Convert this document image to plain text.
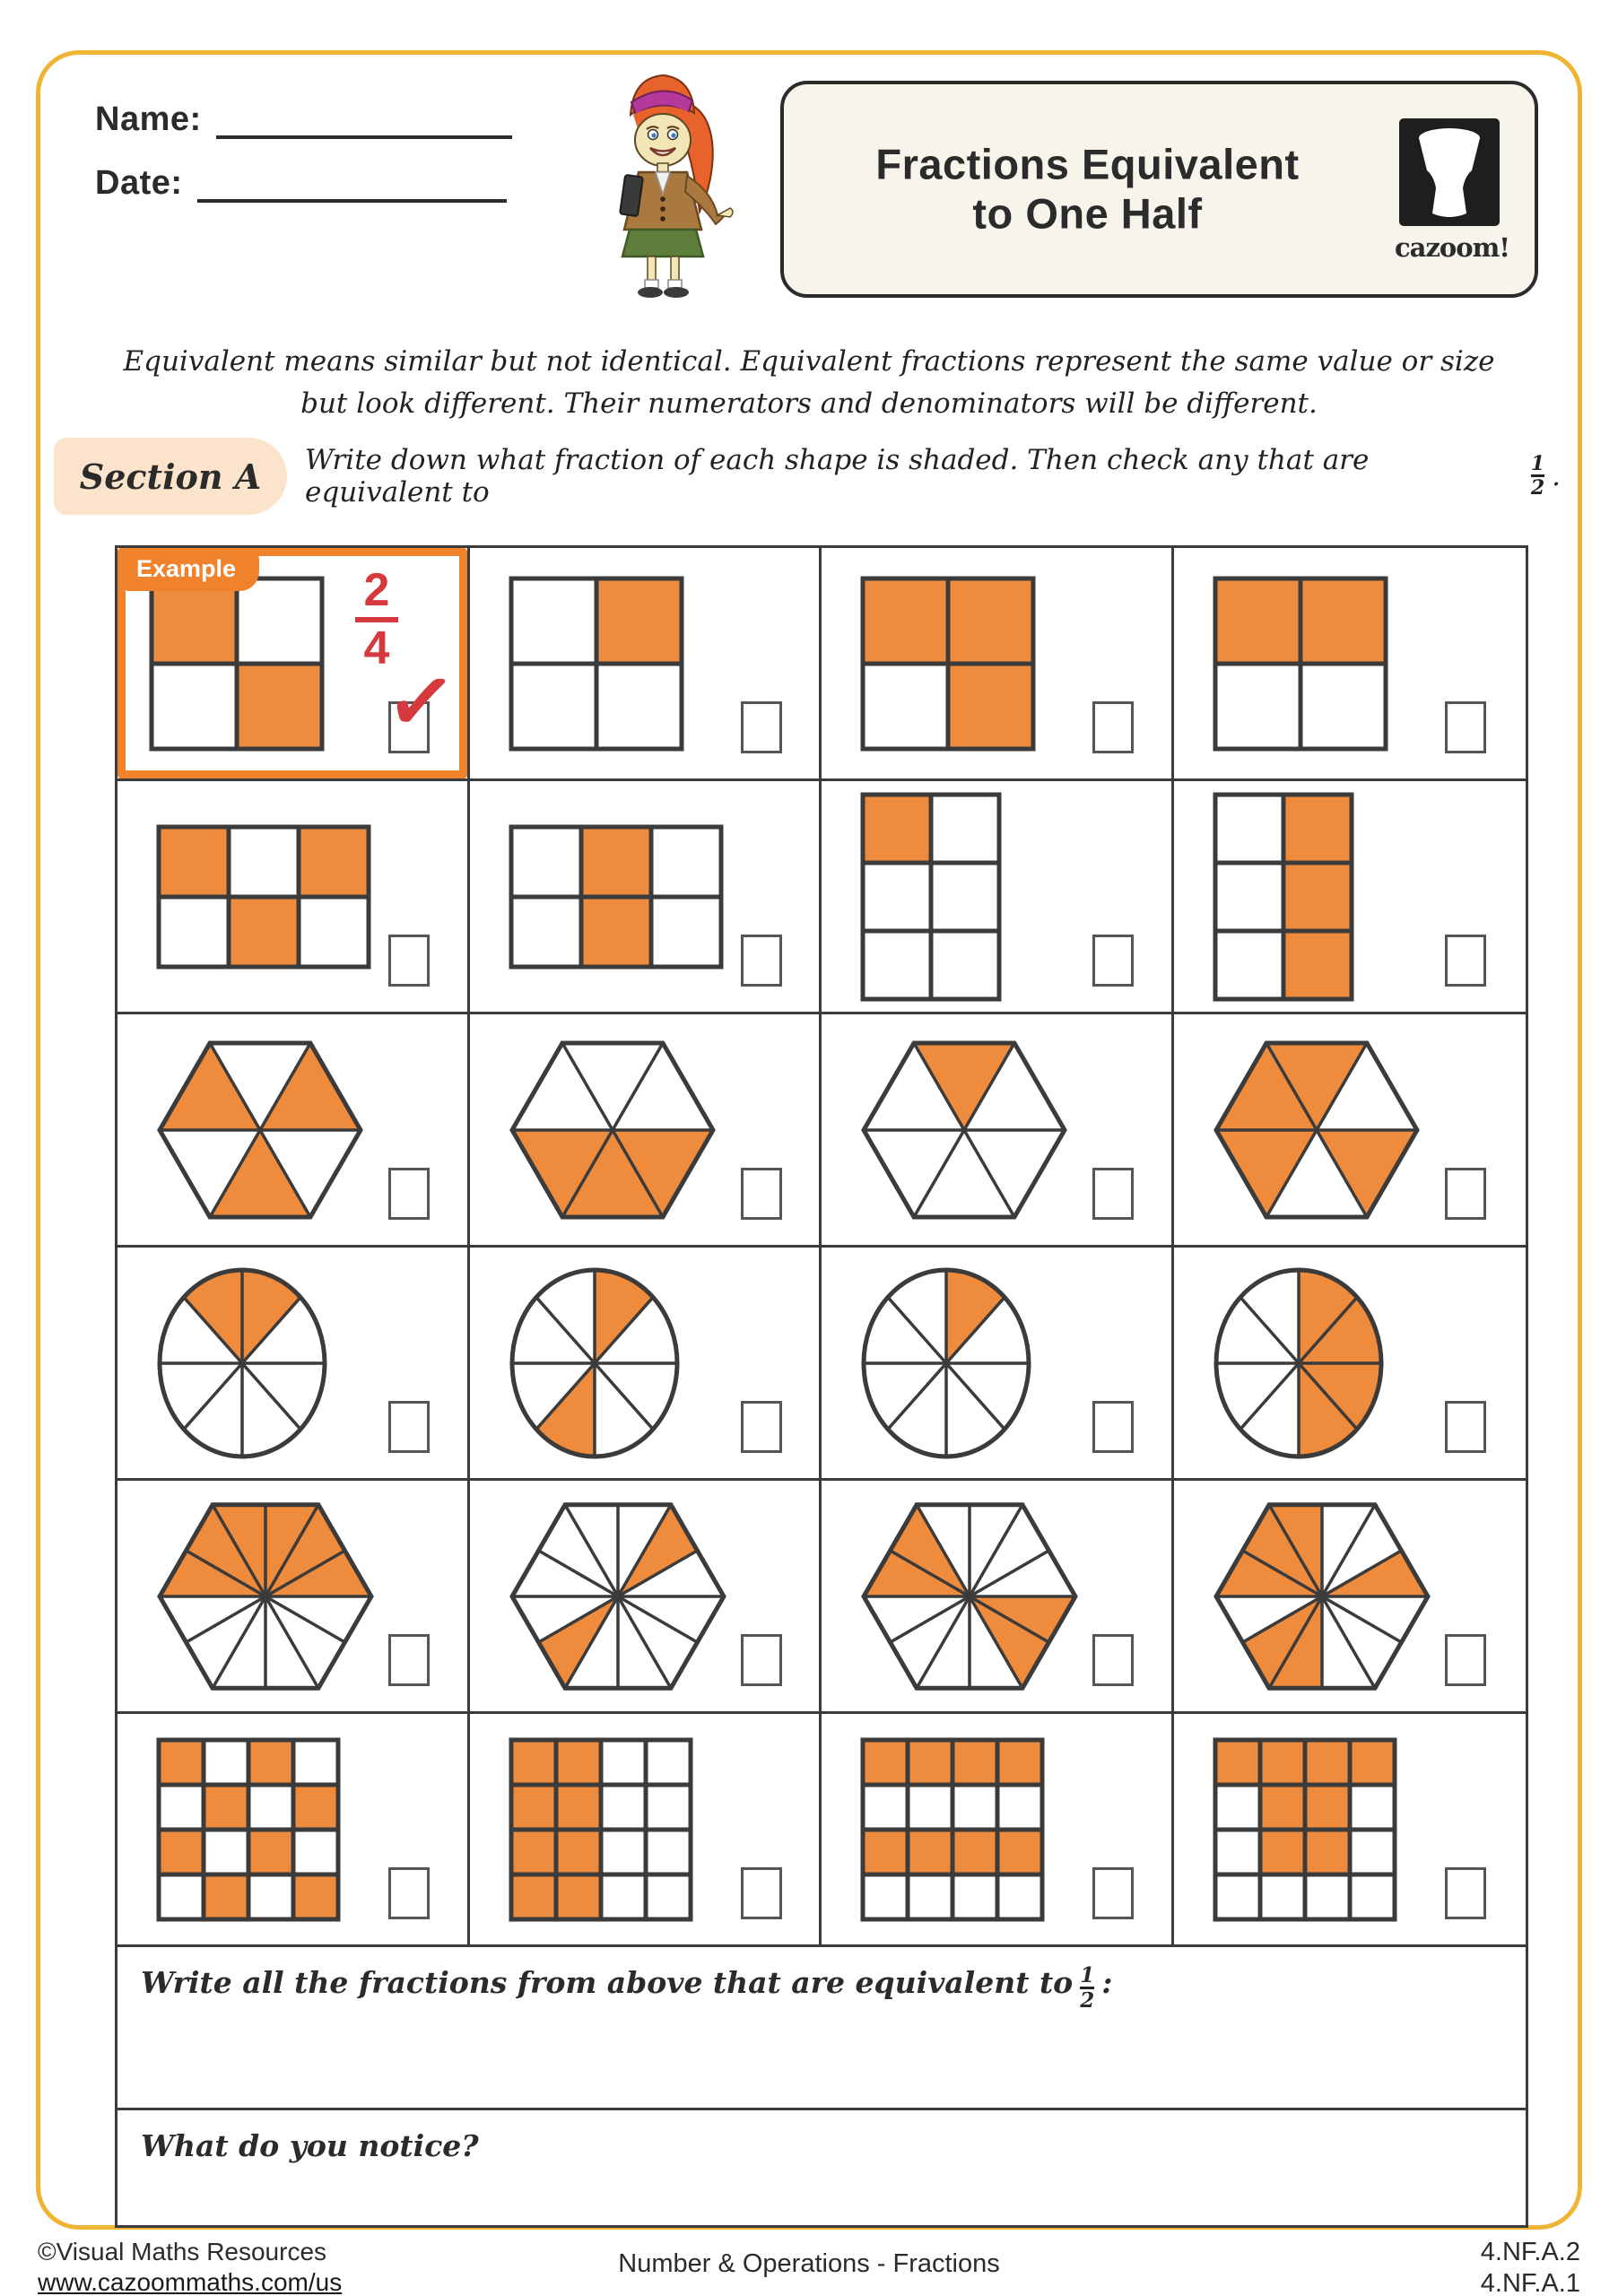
Name:
Date:	Fractions Equivalent
to One Half
cazoom!
Equivalent means similar but not identical. Equivalent fractions represent the same value or size
but look different. Their numerators and denominators will be different.
Section A	Write down what fraction of each shape is shaded. Then check any that are equivalent to	$\frac{1}{2}$ .
Example	$\frac{2}{4}$
✓
Write all the fractions from above that are equivalent to $\frac{1}{2}$ :
What do you notice?
©Visual Maths Resources
www.cazoommaths.com/us
Number & Operations - Fractions	4.NF.A.2
4.NF.A.1
